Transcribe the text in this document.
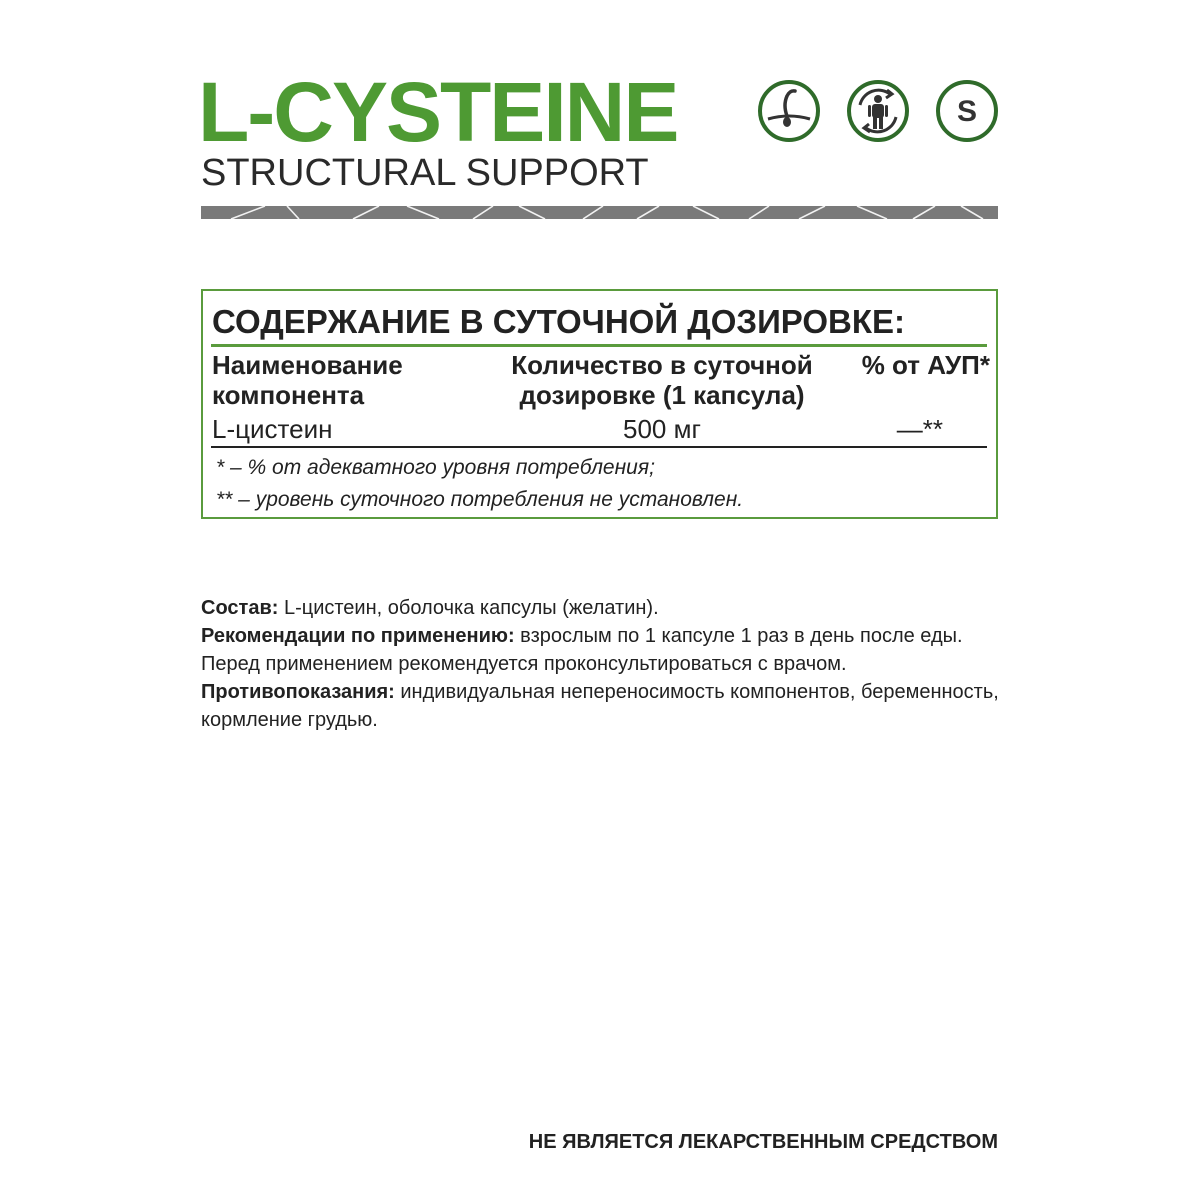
L-CYSTEINE
STRUCTURAL SUPPORT
S
СОДЕРЖАНИЕ В СУТОЧНОЙ ДОЗИРОВКЕ:
Наименование компонента
Количество в суточной дозировке (1 капсула)
% от АУП*
L-цистеин	500 мг	—**
* – % от адекватного уровня потребления;
** – уровень суточного потребления не установлен.

Состав: L-цистеин, оболочка капсулы (желатин).

Рекомендации по применению: взрослым по 1 капсуле 1 раз в день после еды. Перед применением рекомендуется проконсультироваться с врачом.

Противопоказания: индивидуальная непереносимость компонентов, беременность, кормление грудью.

НЕ ЯВЛЯЕТСЯ ЛЕКАРСТВЕННЫМ СРЕДСТВОМ
